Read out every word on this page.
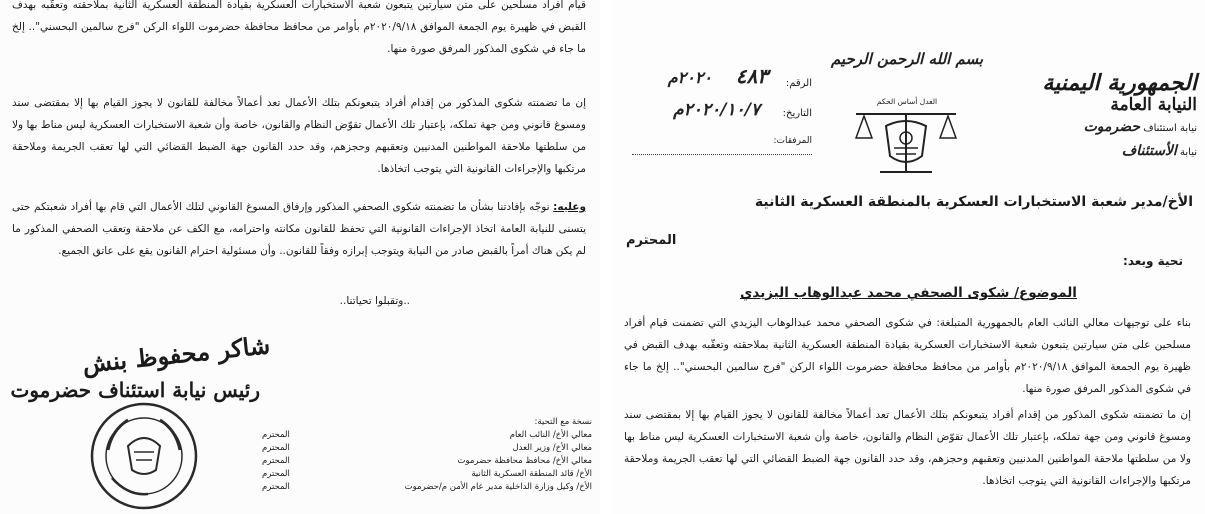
قيام أفراد مسلحين على متن سيارتين يتبعون شعبة الاستخبارات العسكرية بقيادة المنطقة العسكرية الثانية بملاحقته وتعقّبه بهدف القبض في ظهيرة يوم الجمعة الموافق ٢٠٢٠/٩/١٨م بأوامر من محافظ محافظة حضرموت اللواء الركن "فرج سالمين البحسني".. إلخ ما جاء في شكوى المذكور المرفق صورة منها.

إن ما تضمنته شكوى المذكور من إقدام أفراد يتبعونكم بتلك الأعمال تعد أعمالاً مخالفة للقانون لا يجوز القيام بها إلا بمقتضى سند ومسوغ قانوني ومن جهة تملكه، بإعتبار تلك الأعمال تقوّض النظام والقانون، خاصة وأن شعبة الاستخبارات العسكرية ليس مناط بها ولا من سلطتها ملاحقة المواطنين المدنيين وتعقبهم وحجزهم، وقد حدد القانون جهة الضبط القضائي التي لها تعقب الجريمة وملاحقة مرتكبها والإجراءات القانونية التي يتوجب اتخاذها.

وعليه: نوجّه بإفادتنا بشأن ما تضمنته شكوى الصحفي المذكور وإرفاق المسوغ القانوني لتلك الأعمال التي قام بها أفراد شعبتكم حتى يتسنى للنيابة العامة اتخاذ الإجراءات القانونية التي تحفظ للقانون مكانته واحترامه، مع الكف عن ملاحقة وتعقب الصحفي المذكور ما لم يكن هناك أمراً بالقبض صادر من النيابة ويتوجب إبرازه وفقاً للقانون.. وأن مسئولية احترام القانون يقع على عاتق الجميع.

..وتقبلوا تحياتنا..
شاكر محفوظ بنش
رئيس نيابة استئناف حضرموت
نسخة مع التحية:
معالي الأخ/ النائب العام
المحترم
معالي الأخ/ وزير العدل
المحترم
معالي الأخ/ محافظ محافظة حضرموت
المحترم
الأخ/ قائد المنطقة العسكرية الثانية
المحترم
الأخ/ وكيل وزارة الداخلية مدير عام الأمن م/حضرموت
المحترم
الجمهورية اليمنية
النيابة العامة
نيابة استئناف حضرموت
نيابة الأستئناف
بسم الله الرحمن الرحيم
العدل أساس الحكم
الرقم:
٤٨٣
٢٠٢٠م
التاريخ:
٢٠٢٠/١٠/٧م
المرفقات:
الأخ/مدير شعبة الاستخبارات العسكرية بالمنطقة العسكرية الثانية
المحترم
تحية وبعد:
الموضوع/ شكوى الصحفي محمد عبدالوهاب اليزيدي

بناء على توجيهات معالي النائب العام بالجمهورية المتبلغة: في شكوى الصحفي محمد عبدالوهاب اليزيدي التي تضمنت قيام أفراد مسلحين على متن سيارتين يتبعون شعبة الاستخبارات العسكرية بقيادة المنطقة العسكرية الثانية بملاحقته وتعقّبه بهدف القبض في ظهيرة يوم الجمعة الموافق ٢٠٢٠/٩/١٨م بأوامر من محافظ محافظة حضرموت اللواء الركن "فرج سالمين البحسني".. إلخ ما جاء في شكوى المذكور المرفق صورة منها.

إن ما تضمنته شكوى المذكور من إقدام أفراد يتبعونكم بتلك الأعمال تعد أعمالاً مخالفة للقانون لا يجوز القيام بها إلا بمقتضى سند ومسوغ قانوني ومن جهة تملكه، بإعتبار تلك الأعمال تقوّض النظام والقانون، خاصة وأن شعبة الاستخبارات العسكرية ليس مناط بها ولا من سلطتها ملاحقة المواطنين المدنيين وتعقبهم وحجزهم، وقد حدد القانون جهة الضبط القضائي التي لها تعقب الجريمة وملاحقة مرتكبها والإجراءات القانونية التي يتوجب اتخاذها.
